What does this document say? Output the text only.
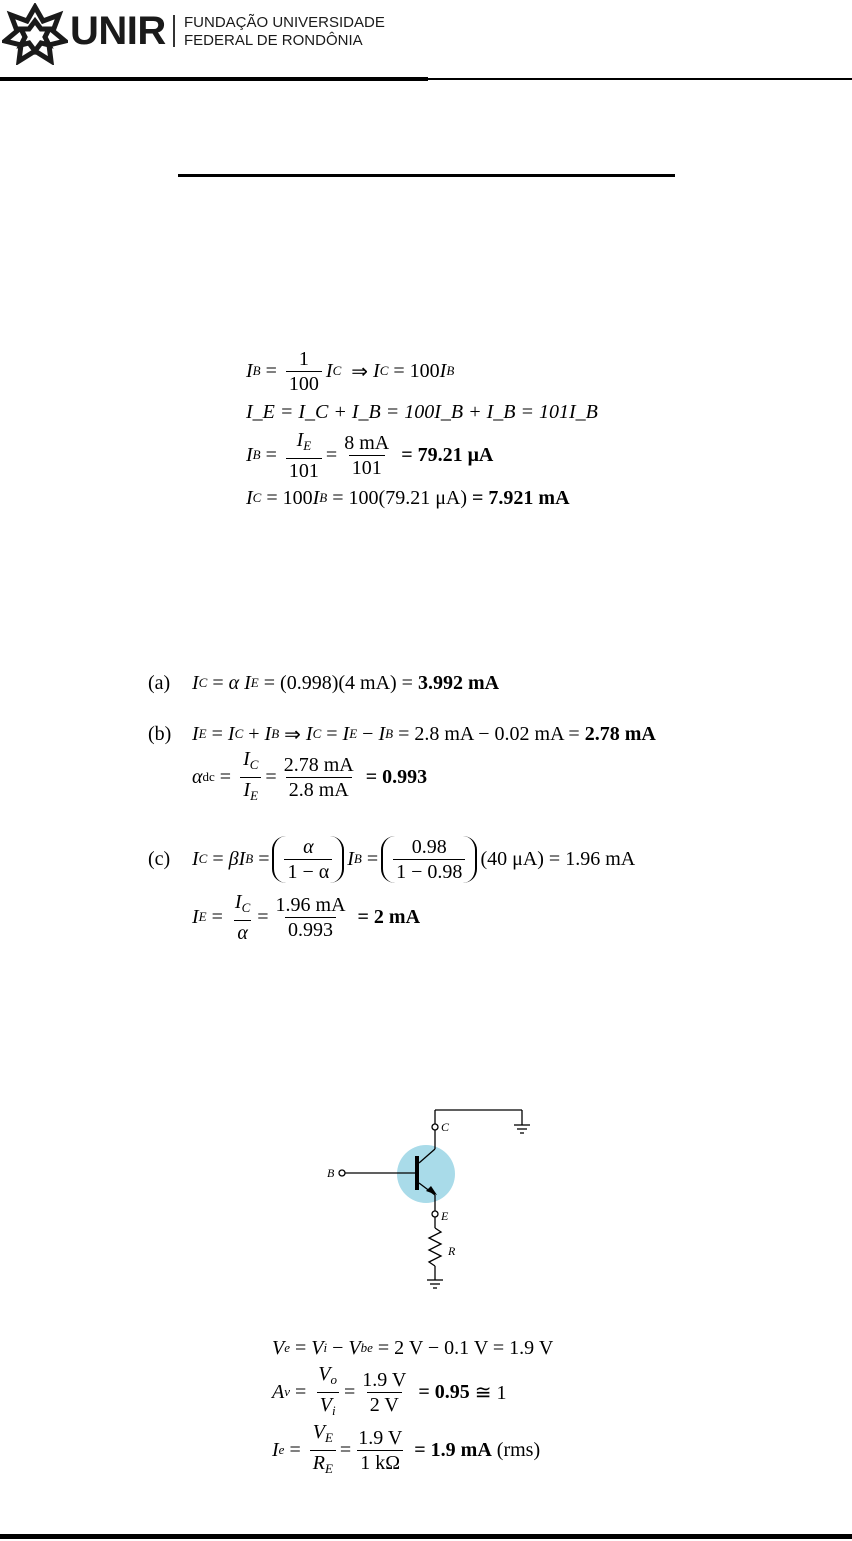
UNIR FUNDAÇÃO UNIVERSIDADE
FEDERAL DE RONDÔNIA
I $B = \frac{1}{100}$ I C
⇒
I C
= 100 I B
I_E = I_C + I_B = 100I_B + I_B = 101I_B
I $B = \frac{I_E}{101} = \frac{8 mA}{101}$
= 79.21 μA
I C
= 100 I B
= 100(79.21 μA)
= 7.921 mA
(a)	I C = α I E
= (0.998)(4 mA) =
3.992 mA
(b)	I E = I C + I B ⇒ I C = I E − I B
= 2.8 mA − 0.02 mA =
2.78 mA
α dc = $\frac{I_C}{I_E} = \frac{2.78 mA}{2.8 mA}$
= 0.993
(c)	I C = βI $B = \frac{\alpha}{1 - \alpha}$ I $B = \frac{0.98}{1 - 0.98} (40$ μA) = 1.96 mA
I $E = \frac{I_C}{\alpha} = \frac{1.96 mA}{0.993}$
= 2 mA
C
B
E
R
V e = V i − V be
= 2 V − 0.1 V = 1.9 V
A $v = \frac{V_o}{V_i} = \frac{1.9 V}{2 V}$
= 0.95
≅ 1
I $e = \frac{V_E}{R_E} = \frac{1.9 V}{1 k\Omega}$
= 1.9 mA
(rms)
